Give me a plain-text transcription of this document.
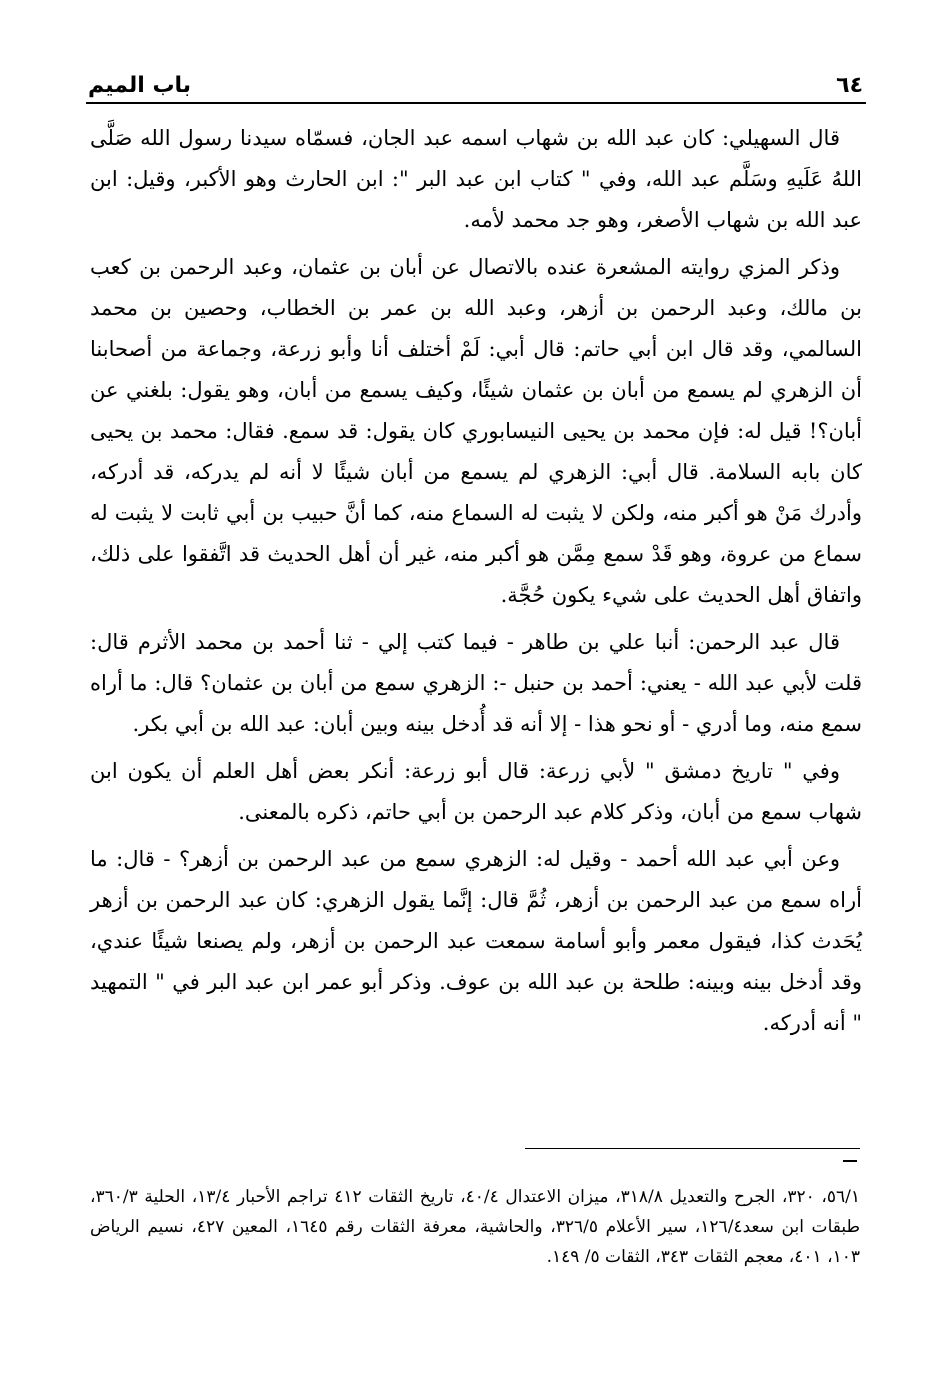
٦٤
باب الميم

قال السهيلي: كان عبد الله بن شهاب اسمه عبد الجان، فسمّاه سيدنا رسول الله صَلَّى اللهُ عَلَيهِ وسَلَّم عبد الله، وفي " كتاب ابن عبد البر ": ابن الحارث وهو الأكبر، وقيل: ابن عبد الله بن شهاب الأصغر، وهو جد محمد لأمه.

وذكر المزي روايته المشعرة عنده بالاتصال عن أبان بن عثمان، وعبد الرحمن بن كعب بن مالك، وعبد الرحمن بن أزهر، وعبد الله بن عمر بن الخطاب، وحصين بن محمد السالمي، وقد قال ابن أبي حاتم: قال أبي: لَمْ أختلف أنا وأبو زرعة، وجماعة من أصحابنا أن الزهري لم يسمع من أبان بن عثمان شيئًا، وكيف يسمع من أبان، وهو يقول: بلغني عن أبان؟! قيل له: فإن محمد بن يحيى النيسابوري كان يقول: قد سمع. فقال: محمد بن يحيى كان بابه السلامة. قال أبي: الزهري لم يسمع من أبان شيئًا لا أنه لم يدركه، قد أدركه، وأدرك مَنْ هو أكبر منه، ولكن لا يثبت له السماع منه، كما أنَّ حبيب بن أبي ثابت لا يثبت له سماع من عروة، وهو قَدْ سمع مِمَّن هو أكبر منه، غير أن أهل الحديث قد اتَّفقوا على ذلك، واتفاق أهل الحديث على شيء يكون حُجَّة.

قال عبد الرحمن: أنبا علي بن طاهر - فيما كتب إلي - ثنا أحمد بن محمد الأثرم قال: قلت لأبي عبد الله - يعني: أحمد بن حنبل -: الزهري سمع من أبان بن عثمان؟ قال: ما أراه سمع منه، وما أدري - أو نحو هذا - إلا أنه قد أُدخل بينه وبين أبان: عبد الله بن أبي بكر.

وفي " تاريخ دمشق " لأبي زرعة: قال أبو زرعة: أنكر بعض أهل العلم أن يكون ابن شهاب سمع من أبان، وذكر كلام عبد الرحمن بن أبي حاتم، ذكره بالمعنى.

وعن أبي عبد الله أحمد - وقيل له: الزهري سمع من عبد الرحمن بن أزهر؟ - قال: ما أراه سمع من عبد الرحمن بن أزهر، ثُمَّ قال: إنَّما يقول الزهري: كان عبد الرحمن بن أزهر يُحَدث كذا، فيقول معمر وأبو أسامة سمعت عبد الرحمن بن أزهر، ولم يصنعا شيئًا عندي، وقد أدخل بينه وبينه: طلحة بن عبد الله بن عوف. وذكر أبو عمر ابن عبد البر في " التمهيد " أنه أدركه.

٥٦/١، ٣٢٠، الجرح والتعديل ٣١٨/٨، ميزان الاعتدال ٤٠/٤، تاريخ الثقات ٤١٢ تراجم الأحبار ١٣/٤، الحلية ٣٦٠/٣، طبقات ابن سعد١٢٦/٤، سير الأعلام ٣٢٦/٥، والحاشية، معرفة الثقات رقم ١٦٤٥، المعين ٤٢٧، نسيم الرياض ١٠٣، ٤٠١، معجم الثقات ٣٤٣، الثقات ٥/ ١٤٩.
